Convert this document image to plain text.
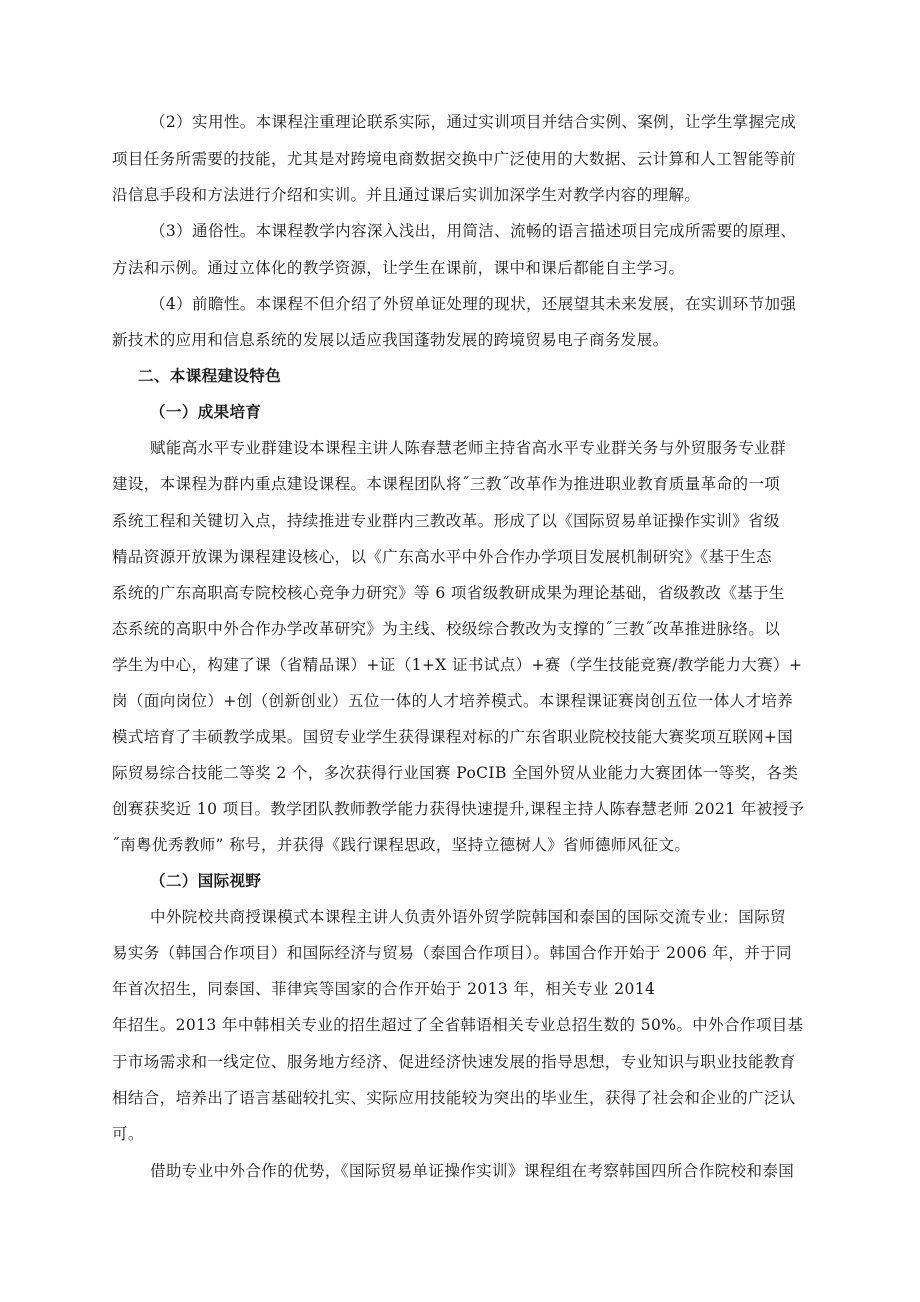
（2）实用性。本课程注重理论联系实际，通过实训项目并结合实例、案例，让学生掌握完成
项目任务所需要的技能，尤其是对跨境电商数据交换中广泛使用的大数据、云计算和人工智能等前
沿信息手段和方法进行介绍和实训。并且通过课后实训加深学生对教学内容的理解。
（3）通俗性。本课程教学内容深入浅出，用简洁、流畅的语言描述项目完成所需要的原理、
方法和示例。通过立体化的教学资源，让学生在课前，课中和课后都能自主学习。
（4）前瞻性。本课程不但介绍了外贸单证处理的现状，还展望其未来发展，在实训环节加强
新技术的应用和信息系统的发展以适应我国蓬勃发展的跨境贸易电子商务发展。
二、本课程建设特色
（一）成果培育
赋能高水平专业群建设本课程主讲人陈春慧老师主持省高水平专业群关务与外贸服务专业群
建设，本课程为群内重点建设课程。本课程团队将˝三教˝改革作为推进职业教育质量革命的一项
系统工程和关键切入点，持续推进专业群内三教改革。形成了以《国际贸易单证操作实训》省级
精品资源开放课为课程建设核心，以《广东高水平中外合作办学项目发展机制研究》《基于生态
系统的广东高职高专院校核心竞争力研究》等 6 项省级教研成果为理论基础，省级教改《基于生
态系统的高职中外合作办学改革研究》为主线、校级综合教改为支撑的˝三教˝改革推进脉络。以
学生为中心，构建了课（省精品课）+证（1+X 证书试点）+赛（学生技能竞赛/教学能力大赛）+
岗（面向岗位）+创（创新创业）五位一体的人才培养模式。本课程课证赛岗创五位一体人才培养
模式培育了丰硕教学成果。国贸专业学生获得课程对标的广东省职业院校技能大赛奖项互联网+国
际贸易综合技能二等奖 2 个，多次获得行业国赛 PoCIB 全国外贸从业能力大赛团体一等奖，各类
创赛获奖近 10 项目。教学团队教师教学能力获得快速提升,课程主持人陈春慧老师 2021 年被授予
˝南粤优秀教师” 称号，并获得《践行课程思政，坚持立德树人》省师德师风征文。
（二）国际视野
中外院校共商授课模式本课程主讲人负责外语外贸学院韩国和泰国的国际交流专业：国际贸
易实务（韩国合作项目）和国际经济与贸易（泰国合作项目）。韩国合作开始于 2006 年，并于同
年首次招生，同泰国、菲律宾等国家的合作开始于 2013 年，相关专业 2014
年招生。2013 年中韩相关专业的招生超过了全省韩语相关专业总招生数的 50%。中外合作项目基
于市场需求和一线定位、服务地方经济、促进经济快速发展的指导思想，专业知识与职业技能教育
相结合，培养出了语言基础较扎实、实际应用技能较为突出的毕业生，获得了社会和企业的广泛认
可。
借助专业中外合作的优势，《国际贸易单证操作实训》课程组在考察韩国四所合作院校和泰国
